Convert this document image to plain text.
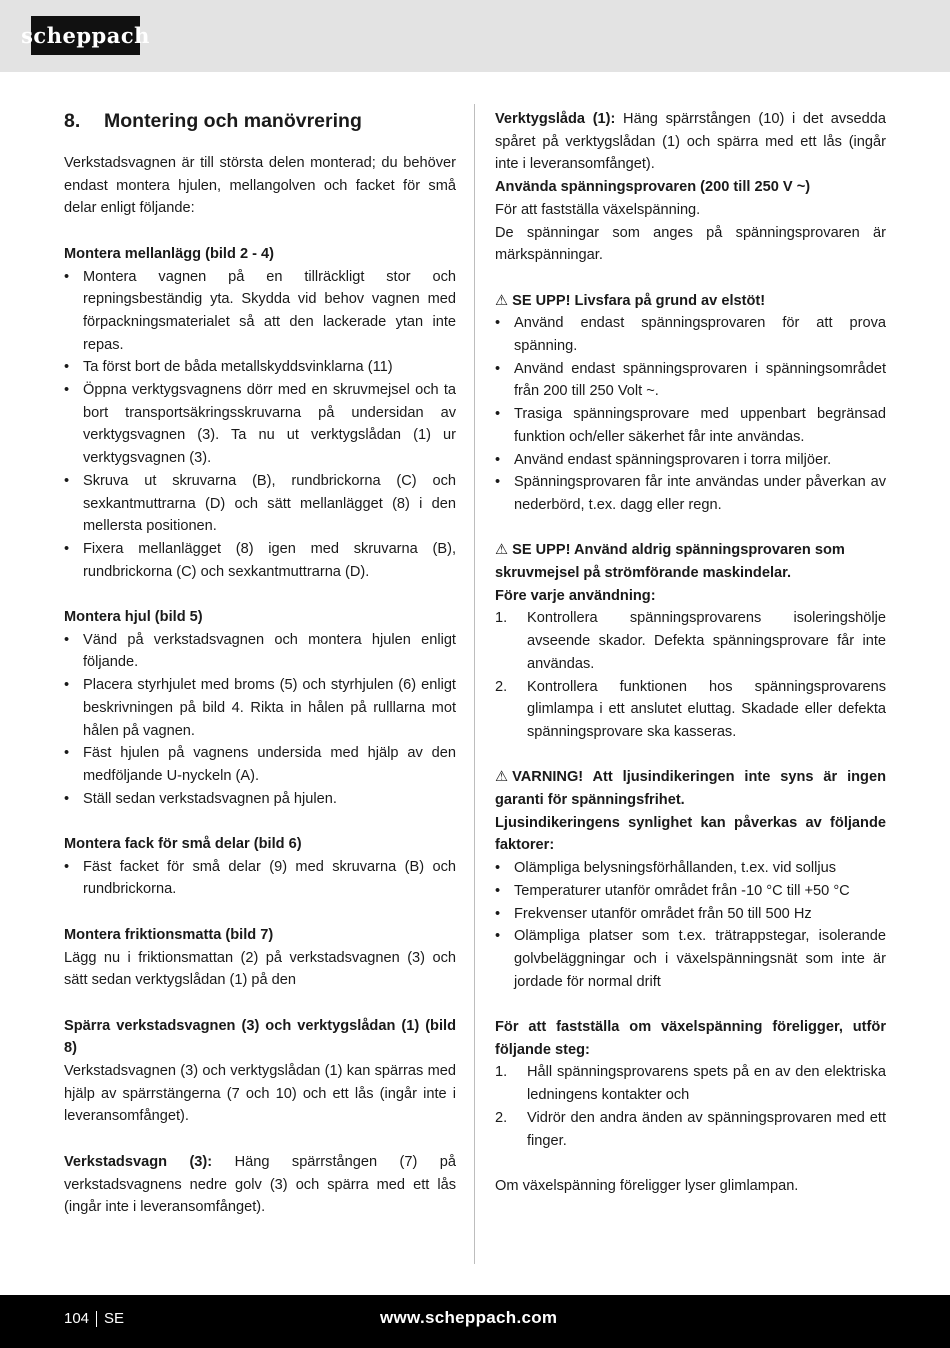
scheppach
8.	Montering och manövrering

Verkstadsvagnen är till största delen monterad; du behöver endast montera hjulen, mellangolven och facket för små delar enligt följande:

Montera mellanlägg (bild 2 - 4)

• Montera vagnen på en tillräckligt stor och repningsbeständig yta. Skydda vid behov vagnen med förpackningsmaterialet så att den lackerade ytan inte repas.
• Ta först bort de båda metallskyddsvinklarna (11)
• Öppna verktygsvagnens dörr med en skruvmejsel och ta bort transportsäkringsskruvarna på undersidan av verktygsvagnen (3). Ta nu ut verktygslådan (1) ur verktygsvagnen (3).
• Skruva ut skruvarna (B), rundbrickorna (C) och sexkantmuttrarna (D) och sätt mellanlägget (8) i den mellersta positionen.
• Fixera mellanlägget (8) igen med skruvarna (B), rundbrickorna (C) och sexkantmuttrarna (D).

Montera hjul (bild 5)

• Vänd på verkstadsvagnen och montera hjulen enligt följande.
• Placera styrhjulet med broms (5) och styrhjulen (6) enligt beskrivningen på bild 4. Rikta in hålen på rulllarna mot hålen på vagnen.
• Fäst hjulen på vagnens undersida med hjälp av den medföljande U-nyckeln (A).
• Ställ sedan verkstadsvagnen på hjulen.

Montera fack för små delar (bild 6)

• Fäst facket för små delar (9) med skruvarna (B) och rundbrickorna.

Montera friktionsmatta (bild 7)

Lägg nu i friktionsmattan (2) på verkstadsvagnen (3) och sätt sedan verktygslådan (1) på den

Spärra verkstadsvagnen (3) och verktygslådan (1) (bild 8)

Verkstadsvagnen (3) och verktygslådan (1) kan spärras med hjälp av spärrstängerna (7 och 10) och ett lås (ingår inte i leveransomfånget).

Verkstadsvagn (3): Häng spärrstången (7) på verkstadsvagnens nedre golv (3) och spärra med ett lås (ingår inte i leveransomfånget).

Verktygslåda (1): Häng spärrstången (10) i det avsedda spåret på verktygslådan (1) och spärra med ett lås (ingår inte i leveransomfånget).

Använda spänningsprovaren (200 till 250 V ~)

För att fastställa växelspänning.

De spänningar som anges på spänningsprovaren är märkspänningar.

⚠ SE UPP! Livsfara på grund av elstöt!

• Använd endast spänningsprovaren för att prova spänning.
• Använd endast spänningsprovaren i spänningsområdet från 200 till 250 Volt ~.
• Trasiga spänningsprovare med uppenbart begränsad funktion och/eller säkerhet får inte användas.
• Använd endast spänningsprovaren i torra miljöer.
• Spänningsprovaren får inte användas under påverkan av nederbörd, t.ex. dagg eller regn.

⚠ SE UPP! Använd aldrig spänningsprovaren som skruvmejsel på strömförande maskindelar.

Före varje användning:

1. Kontrollera spänningsprovarens isoleringshölje avseende skador. Defekta spänningsprovare får inte användas.
2. Kontrollera funktionen hos spänningsprovarens glimlampa i ett anslutet eluttag. Skadade eller defekta spänningsprovare ska kasseras.

⚠ VARNING! Att ljusindikeringen inte syns är ingen garanti för spänningsfrihet.

Ljusindikeringens synlighet kan påverkas av följande faktorer:

• Olämpliga belysningsförhållanden, t.ex. vid solljus
• Temperaturer utanför området från -10 °C till +50 °C
• Frekvenser utanför området från 50 till 500 Hz
• Olämpliga platser som t.ex. trätrappstegar, isolerande golvbeläggningar och i växelspänningsnät som inte är jordade för normal drift

För att fastställa om växelspänning föreligger, utför följande steg:

1. Håll spänningsprovarens spets på en av den elektriska ledningens kontakter och
2. Vidrör den andra änden av spänningsprovaren med ett finger.

Om växelspänning föreligger lyser glimlampan.

104 SE	www.scheppach.com
